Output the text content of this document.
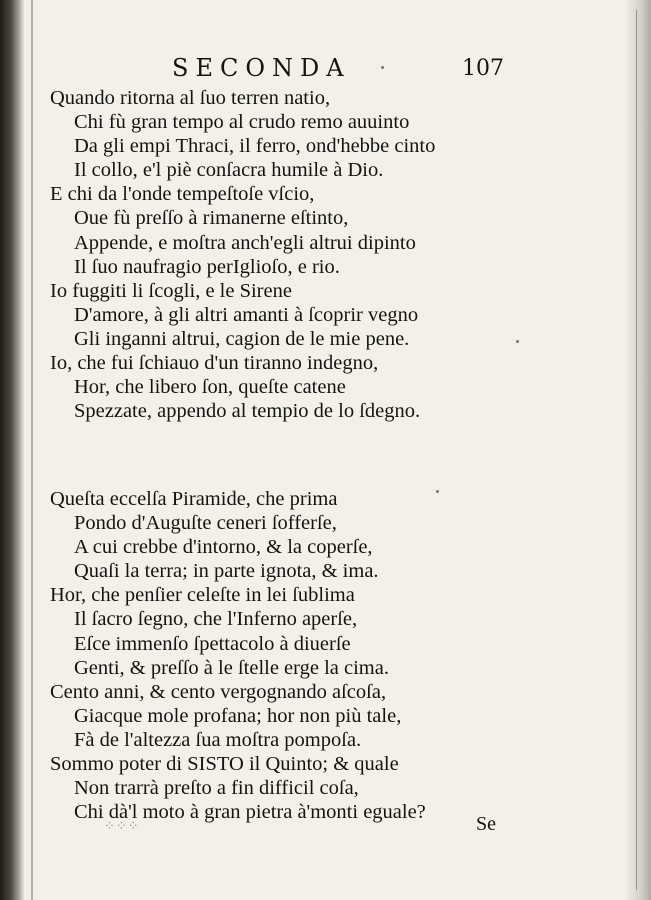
SECONDA	107
Quando ritorna al ſuo terren natio,
Chi fù gran tempo al crudo remo auuinto
Da gli empi Thraci, il ferro, ond'hebbe cinto
Il collo, e'l piè conſacra humile à Dio.
E chi da l'onde tempeſtoſe vſcio,
Oue fù preſſo à rimanerne eſtinto,
Appende, e moſtra anch'egli altrui dipinto
Il ſuo naufragio perIglioſo, e rio.
Io fuggiti li ſcogli, e le Sirene
D'amore, à gli altri amanti à ſcoprir vegno
Gli inganni altrui, cagion de le mie pene.
Io, che fui ſchiauo d'un tiranno indegno,
Hor, che libero ſon, queſte catene
Spezzate, appendo al tempio de lo ſdegno.
Queſta eccelſa Piramide, che prima
Pondo d'Auguſte ceneri ſofferſe,
A cui crebbe d'intorno, & la coperſe,
Quaſi la terra; in parte ignota, & ima.
Hor, che penſier celeſte in lei ſublima
Il ſacro ſegno, che l'Inferno aperſe,
Eſce immenſo ſpettacolo à diuerſe
Genti, & preſſo à le ſtelle erge la cima.
Cento anni, & cento vergognando aſcoſa,
Giacque mole profana; hor non più tale,
Fà de l'altezza ſua moſtra pompoſa.
Sommo poter di SISTO il Quinto; & quale
Non trarrà preſto a fin difficil coſa,
Chi dà'l moto à gran pietra à'monti eguale?
⁘⁘⁘	Se
